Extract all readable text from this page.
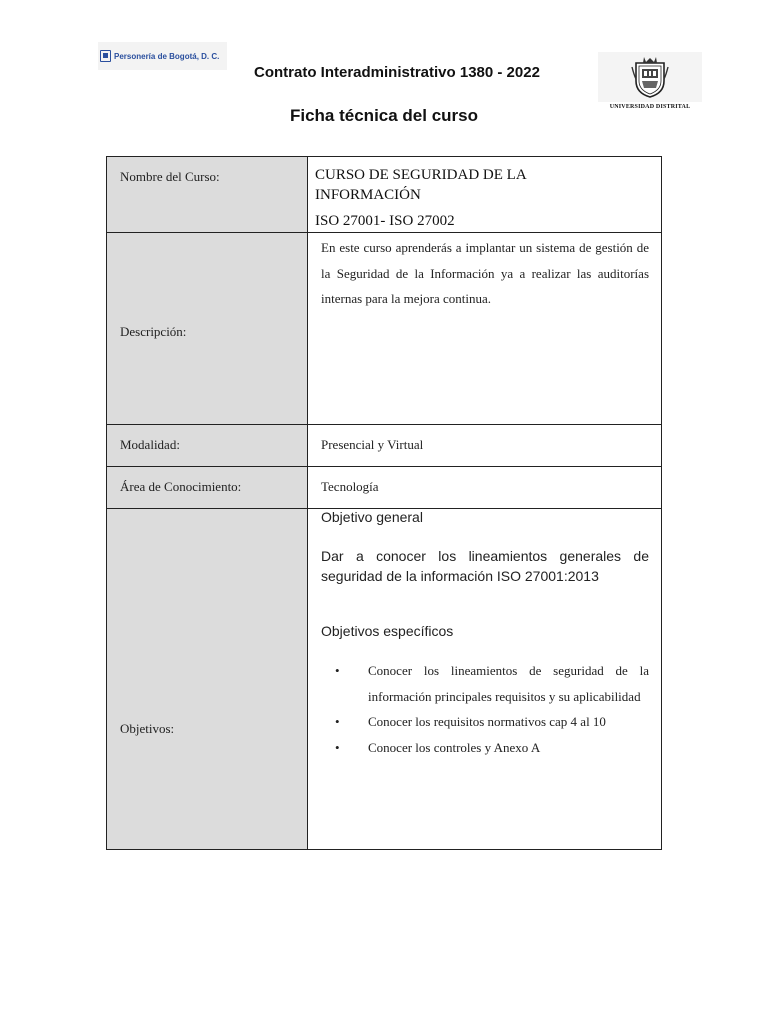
Personería de Bogotá, D. C.
Contrato Interadministrativo 1380 - 2022
UNIVERSIDAD DISTRITAL
Ficha técnica del curso
Nombre del Curso:	CURSO DE SEGURIDAD DE LA INFORMACIÓN
ISO 27001- ISO 27002
Descripción:
En este curso aprenderás a implantar un sistema de gestión de la Seguridad de la Información ya a realizar las auditorías internas para la mejora continua.
Modalidad:	Presencial y Virtual
Área de Conocimiento:	Tecnología
Objetivos:
Objetivo general
Dar a conocer los lineamientos generales de seguridad de la información ISO 27001:2013
Objetivos específicos
• Conocer los lineamientos de seguridad de la información principales requisitos y su aplicabilidad
• Conocer los requisitos normativos cap 4 al 10
• Conocer los controles y Anexo A
